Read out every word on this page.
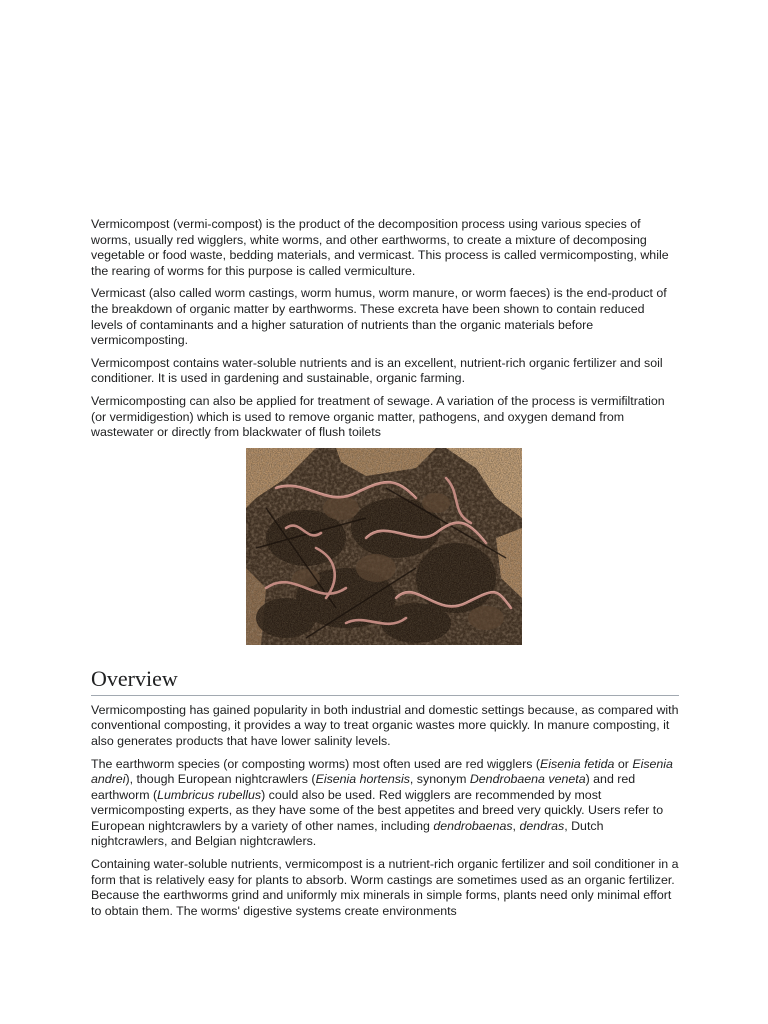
Vermicompost (vermi-compost) is the product of the decomposition process using various species of worms, usually red wigglers, white worms, and other earthworms, to create a mixture of decomposing vegetable or food waste, bedding materials, and vermicast. This process is called vermicomposting, while the rearing of worms for this purpose is called vermiculture.

Vermicast (also called worm castings, worm humus, worm manure, or worm faeces) is the end-product of the breakdown of organic matter by earthworms. These excreta have been shown to contain reduced levels of contaminants and a higher saturation of nutrients than the organic materials before vermicomposting.

Vermicompost contains water-soluble nutrients and is an excellent, nutrient-rich organic fertilizer and soil conditioner. It is used in gardening and sustainable, organic farming.

Vermicomposting can also be applied for treatment of sewage. A variation of the process is vermifiltration (or vermidigestion) which is used to remove organic matter, pathogens, and oxygen demand from wastewater or directly from blackwater of flush toilets

Overview

Vermicomposting has gained popularity in both industrial and domestic settings because, as compared with conventional composting, it provides a way to treat organic wastes more quickly. In manure composting, it also generates products that have lower salinity levels.

The earthworm species (or composting worms) most often used are red wigglers (Eisenia fetida or Eisenia andrei), though European nightcrawlers (Eisenia hortensis, synonym Dendrobaena veneta) and red earthworm (Lumbricus rubellus) could also be used. Red wigglers are recommended by most vermicomposting experts, as they have some of the best appetites and breed very quickly. Users refer to European nightcrawlers by a variety of other names, including dendrobaenas, dendras, Dutch nightcrawlers, and Belgian nightcrawlers.

Containing water-soluble nutrients, vermicompost is a nutrient-rich organic fertilizer and soil conditioner in a form that is relatively easy for plants to absorb. Worm castings are sometimes used as an organic fertilizer. Because the earthworms grind and uniformly mix minerals in simple forms, plants need only minimal effort to obtain them. The worms' digestive systems create environments
